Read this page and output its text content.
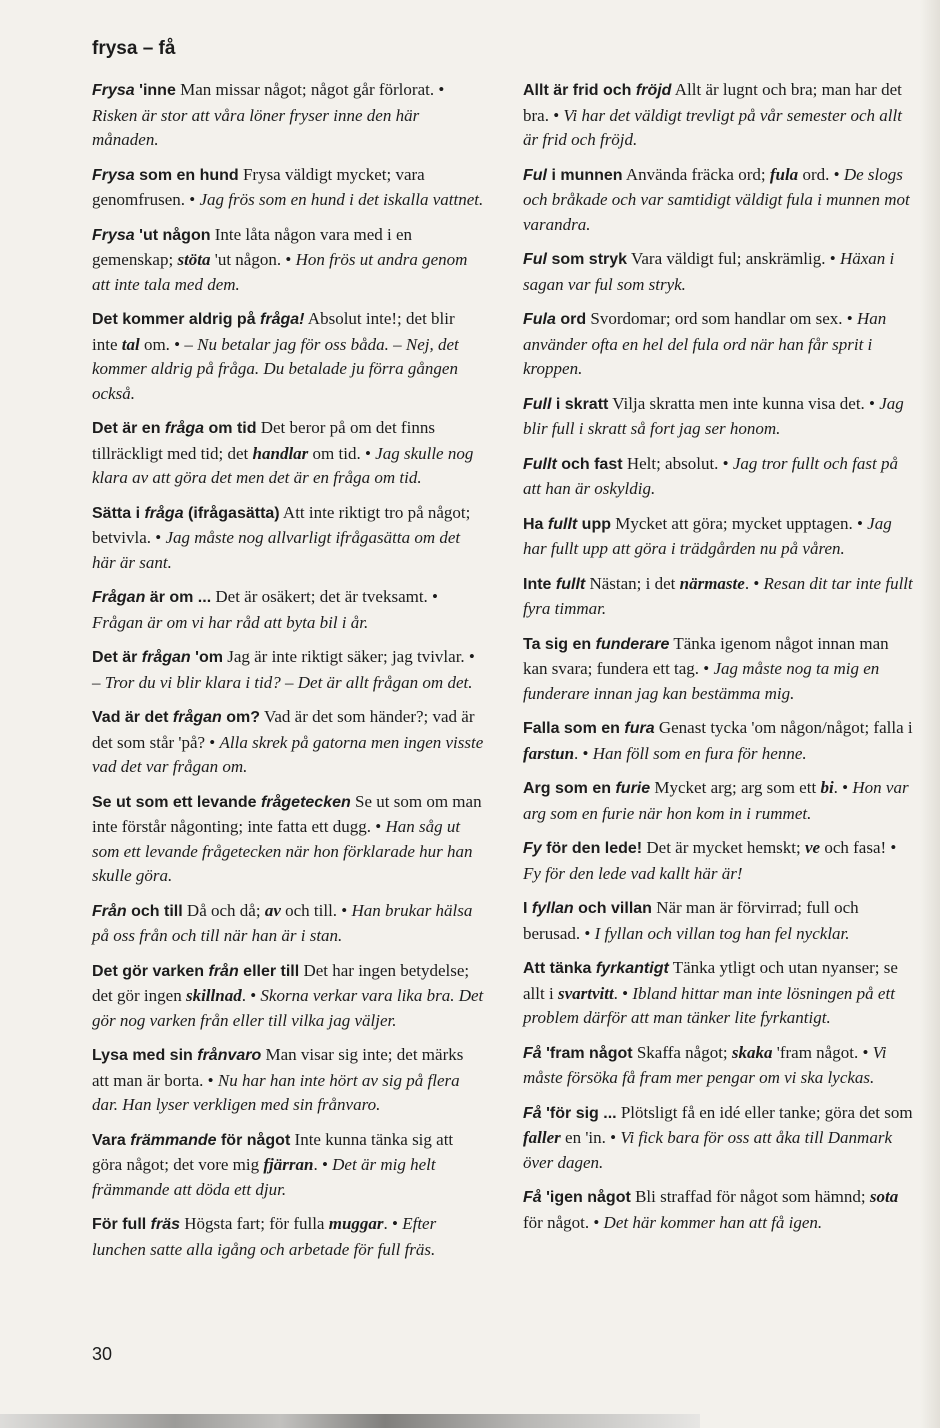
frysa – få

Frysa 'inne Man missar något; något går förlorat. • Risken är stor att våra löner fryser inne den här månaden.

Frysa som en hund Frysa väldigt mycket; vara genomfrusen. • Jag frös som en hund i det iskalla vattnet.

Frysa 'ut någon Inte låta någon vara med i en gemenskap; stöta 'ut någon. • Hon frös ut andra genom att inte tala med dem.

Det kommer aldrig på fråga! Absolut inte!; det blir inte tal om. • – Nu betalar jag för oss båda. – Nej, det kommer aldrig på fråga. Du betalade ju förra gången också.

Det är en fråga om tid Det beror på om det finns tillräckligt med tid; det handlar om tid. • Jag skulle nog klara av att göra det men det är en fråga om tid.

Sätta i fråga (ifrågasätta) Att inte riktigt tro på något; betvivla. • Jag måste nog allvarligt ifrågasätta om det här är sant.

Frågan är om ... Det är osäkert; det är tveksamt. • Frågan är om vi har råd att byta bil i år.

Det är frågan 'om Jag är inte riktigt säker; jag tvivlar. • – Tror du vi blir klara i tid? – Det är allt frågan om det.

Vad är det frågan om? Vad är det som händer?; vad är det som står 'på? • Alla skrek på gatorna men ingen visste vad det var frågan om.

Se ut som ett levande frågetecken Se ut som om man inte förstår någonting; inte fatta ett dugg. • Han såg ut som ett levande frågetecken när hon förklarade hur han skulle göra.

Från och till Då och då; av och till. • Han brukar hälsa på oss från och till när han är i stan.

Det gör varken från eller till Det har ingen betydelse; det gör ingen skillnad. • Skorna verkar vara lika bra. Det gör nog varken från eller till vilka jag väljer.

Lysa med sin frånvaro Man visar sig inte; det märks att man är borta. • Nu har han inte hört av sig på flera dar. Han lyser verkligen med sin frånvaro.

Vara främmande för något Inte kunna tänka sig att göra något; det vore mig fjärran. • Det är mig helt främmande att döda ett djur.

För full fräs Högsta fart; för fulla muggar. • Efter lunchen satte alla igång och arbetade för full fräs.

Allt är frid och fröjd Allt är lugnt och bra; man har det bra. • Vi har det väldigt trevligt på vår semester och allt är frid och fröjd.

Ful i munnen Använda fräcka ord; fula ord. • De slogs och bråkade och var samtidigt väldigt fula i munnen mot varandra.

Ful som stryk Vara väldigt ful; anskrämlig. • Häxan i sagan var ful som stryk.

Fula ord Svordomar; ord som handlar om sex. • Han använder ofta en hel del fula ord när han får sprit i kroppen.

Full i skratt Vilja skratta men inte kunna visa det. • Jag blir full i skratt så fort jag ser honom.

Fullt och fast Helt; absolut. • Jag tror fullt och fast på att han är oskyldig.

Ha fullt upp Mycket att göra; mycket upptagen. • Jag har fullt upp att göra i trädgården nu på våren.

Inte fullt Nästan; i det närmaste. • Resan dit tar inte fullt fyra timmar.

Ta sig en funderare Tänka igenom något innan man kan svara; fundera ett tag. • Jag måste nog ta mig en funderare innan jag kan bestämma mig.

Falla som en fura Genast tycka 'om någon/något; falla i farstun. • Han föll som en fura för henne.

Arg som en furie Mycket arg; arg som ett bi. • Hon var arg som en furie när hon kom in i rummet.

Fy för den lede! Det är mycket hemskt; ve och fasa! • Fy för den lede vad kallt här är!

I fyllan och villan När man är förvirrad; full och berusad. • I fyllan och villan tog han fel nycklar.

Att tänka fyrkantigt Tänka ytligt och utan nyanser; se allt i svartvitt. • Ibland hittar man inte lösningen på ett problem därför att man tänker lite fyrkantigt.

Få 'fram något Skaffa något; skaka 'fram något. • Vi måste försöka få fram mer pengar om vi ska lyckas.

Få 'för sig ... Plötsligt få en idé eller tanke; göra det som faller en 'in. • Vi fick bara för oss att åka till Danmark över dagen.

Få 'igen något Bli straffad för något som hämnd; sota för något. • Det här kommer han att få igen.

30
